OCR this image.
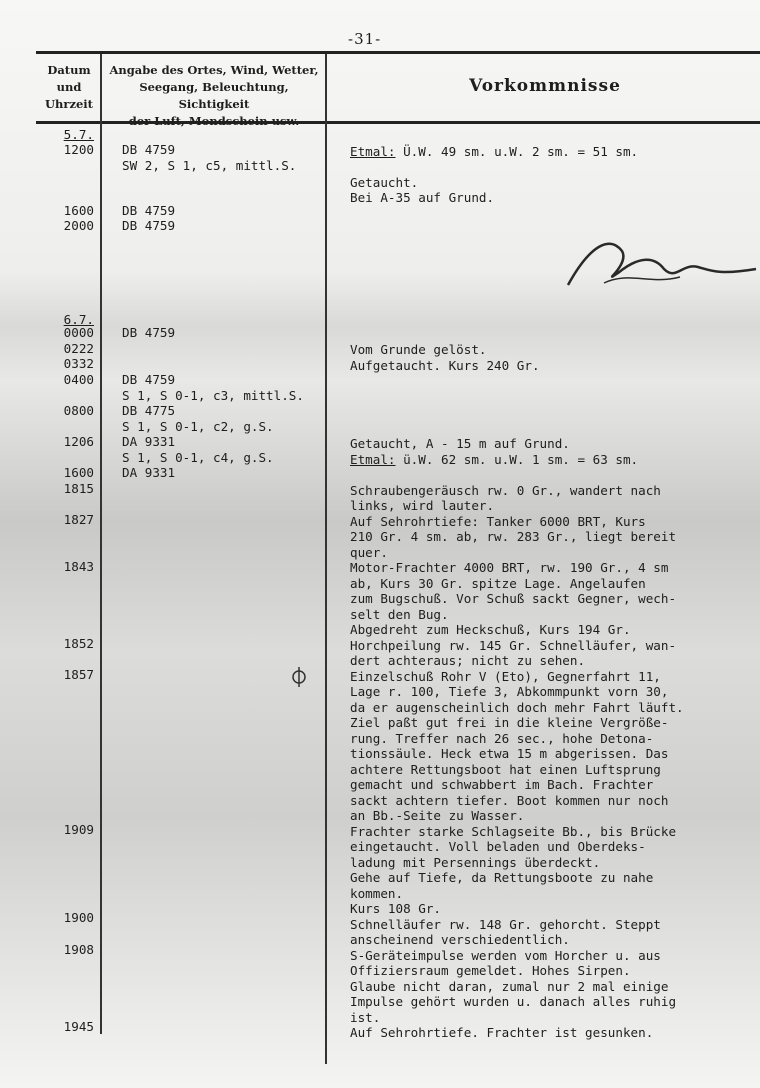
-31-
Datum
und
Uhrzeit
Angabe des Ortes, Wind, Wetter,
Seegang, Beleuchtung, Sichtigkeit
der Luft, Mondschein usw.
Vorkommnisse
5.7.
1200
1600
2000
6.7.
0000
0222
0332
0400
0800
1206
1600
1815
1827
1843
1852
1857
1909
1900
1908
1945
DB 4759
SW 2, S 1, c5, mittl.S.
DB 4759
DB 4759
DB 4759
DB 4759
S 1, S 0-1, c3, mittl.S.
DB 4775
S 1, S 0-1, c2, g.S.
DA 9331
S 1, S 0-1, c4, g.S.
DA 9331
Etmal: Ü.W. 49 sm. u.W. 2 sm. = 51 sm.
Getaucht.
Bei A-35 auf Grund.
Vom Grunde gelöst.
Aufgetaucht. Kurs 240 Gr.
Getaucht, A - 15 m auf Grund.
Etmal: ü.W. 62 sm. u.W. 1 sm. = 63 sm.
Schraubengeräusch rw. 0 Gr., wandert nach
links, wird lauter.
Auf Sehrohrtiefe: Tanker 6000 BRT, Kurs
210 Gr. 4 sm. ab, rw. 283 Gr., liegt bereit
quer.
Motor-Frachter 4000 BRT, rw. 190 Gr., 4 sm
ab, Kurs 30 Gr. spitze Lage. Angelaufen
zum Bugschuß. Vor Schuß sackt Gegner, wech-
selt den Bug.
Abgedreht zum Heckschuß, Kurs 194 Gr.
Horchpeilung rw. 145 Gr. Schnelläufer, wan-
dert achteraus; nicht zu sehen.
Einzelschuß Rohr V (Eto), Gegnerfahrt 11,
Lage r. 100, Tiefe 3, Abkommpunkt vorn 30,
da er augenscheinlich doch mehr Fahrt läuft.
Ziel paßt gut frei in die kleine Vergröße-
rung. Treffer nach 26 sec., hohe Detona-
tionssäule. Heck etwa 15 m abgerissen. Das
achtere Rettungsboot hat einen Luftsprung
gemacht und schwabbert im Bach. Frachter
sackt achtern tiefer. Boot kommen nur noch
an Bb.-Seite zu Wasser.
Frachter starke Schlagseite Bb., bis Brücke
eingetaucht. Voll beladen und Oberdeks-
ladung mit Persennings überdeckt.
Gehe auf Tiefe, da Rettungsboote zu nahe
kommen.
Kurs 108 Gr.
Schnelläufer rw. 148 Gr. gehorcht. Steppt
anscheinend verschiedentlich.
S-Geräteimpulse werden vom Horcher u. aus
Offiziersraum gemeldet. Hohes Sirpen.
Glaube nicht daran, zumal nur 2 mal einige
Impulse gehört wurden u. danach alles ruhig
ist.
Auf Sehrohrtiefe. Frachter ist gesunken.
